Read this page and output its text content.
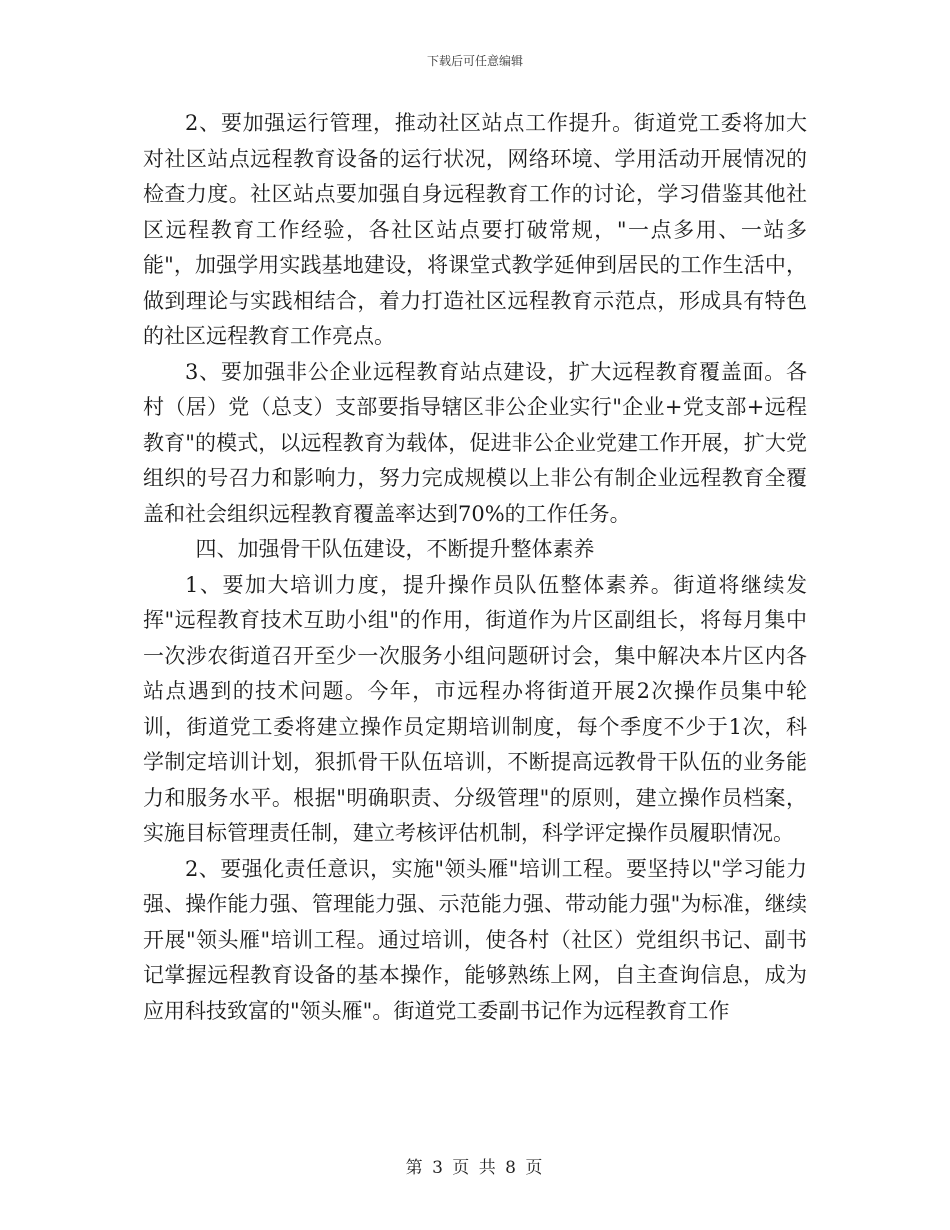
下载后可任意编辑

2、要加强运行管理，推动社区站点工作提升。街道党工委将加大对社区站点远程教育设备的运行状况，网络环境、学用活动开展情况的检查力度。社区站点要加强自身远程教育工作的讨论，学习借鉴其他社区远程教育工作经验，各社区站点要打破常规，"一点多用、一站多能"，加强学用实践基地建设，将课堂式教学延伸到居民的工作生活中，做到理论与实践相结合，着力打造社区远程教育示范点，形成具有特色的社区远程教育工作亮点。

3、要加强非公企业远程教育站点建设，扩大远程教育覆盖面。各村（居）党（总支）支部要指导辖区非公企业实行"企业+党支部+远程教育"的模式，以远程教育为载体，促进非公企业党建工作开展，扩大党组织的号召力和影响力，努力完成规模以上非公有制企业远程教育全覆盖和社会组织远程教育覆盖率达到70%的工作任务。

四、加强骨干队伍建设，不断提升整体素养

1、要加大培训力度，提升操作员队伍整体素养。街道将继续发挥"远程教育技术互助小组"的作用，街道作为片区副组长，将每月集中一次涉农街道召开至少一次服务小组问题研讨会，集中解决本片区内各站点遇到的技术问题。今年，市远程办将街道开展2次操作员集中轮训，街道党工委将建立操作员定期培训制度，每个季度不少于1次，科学制定培训计划，狠抓骨干队伍培训，不断提高远教骨干队伍的业务能力和服务水平。根据"明确职责、分级管理"的原则，建立操作员档案，实施目标管理责任制，建立考核评估机制，科学评定操作员履职情况。

2、要强化责任意识，实施"领头雁"培训工程。要坚持以"学习能力强、操作能力强、管理能力强、示范能力强、带动能力强"为标准，继续开展"领头雁"培训工程。通过培训，使各村（社区）党组织书记、副书记掌握远程教育设备的基本操作，能够熟练上网，自主查询信息，成为应用科技致富的"领头雁"。街道党工委副书记作为远程教育工作

第 3 页 共 8 页
